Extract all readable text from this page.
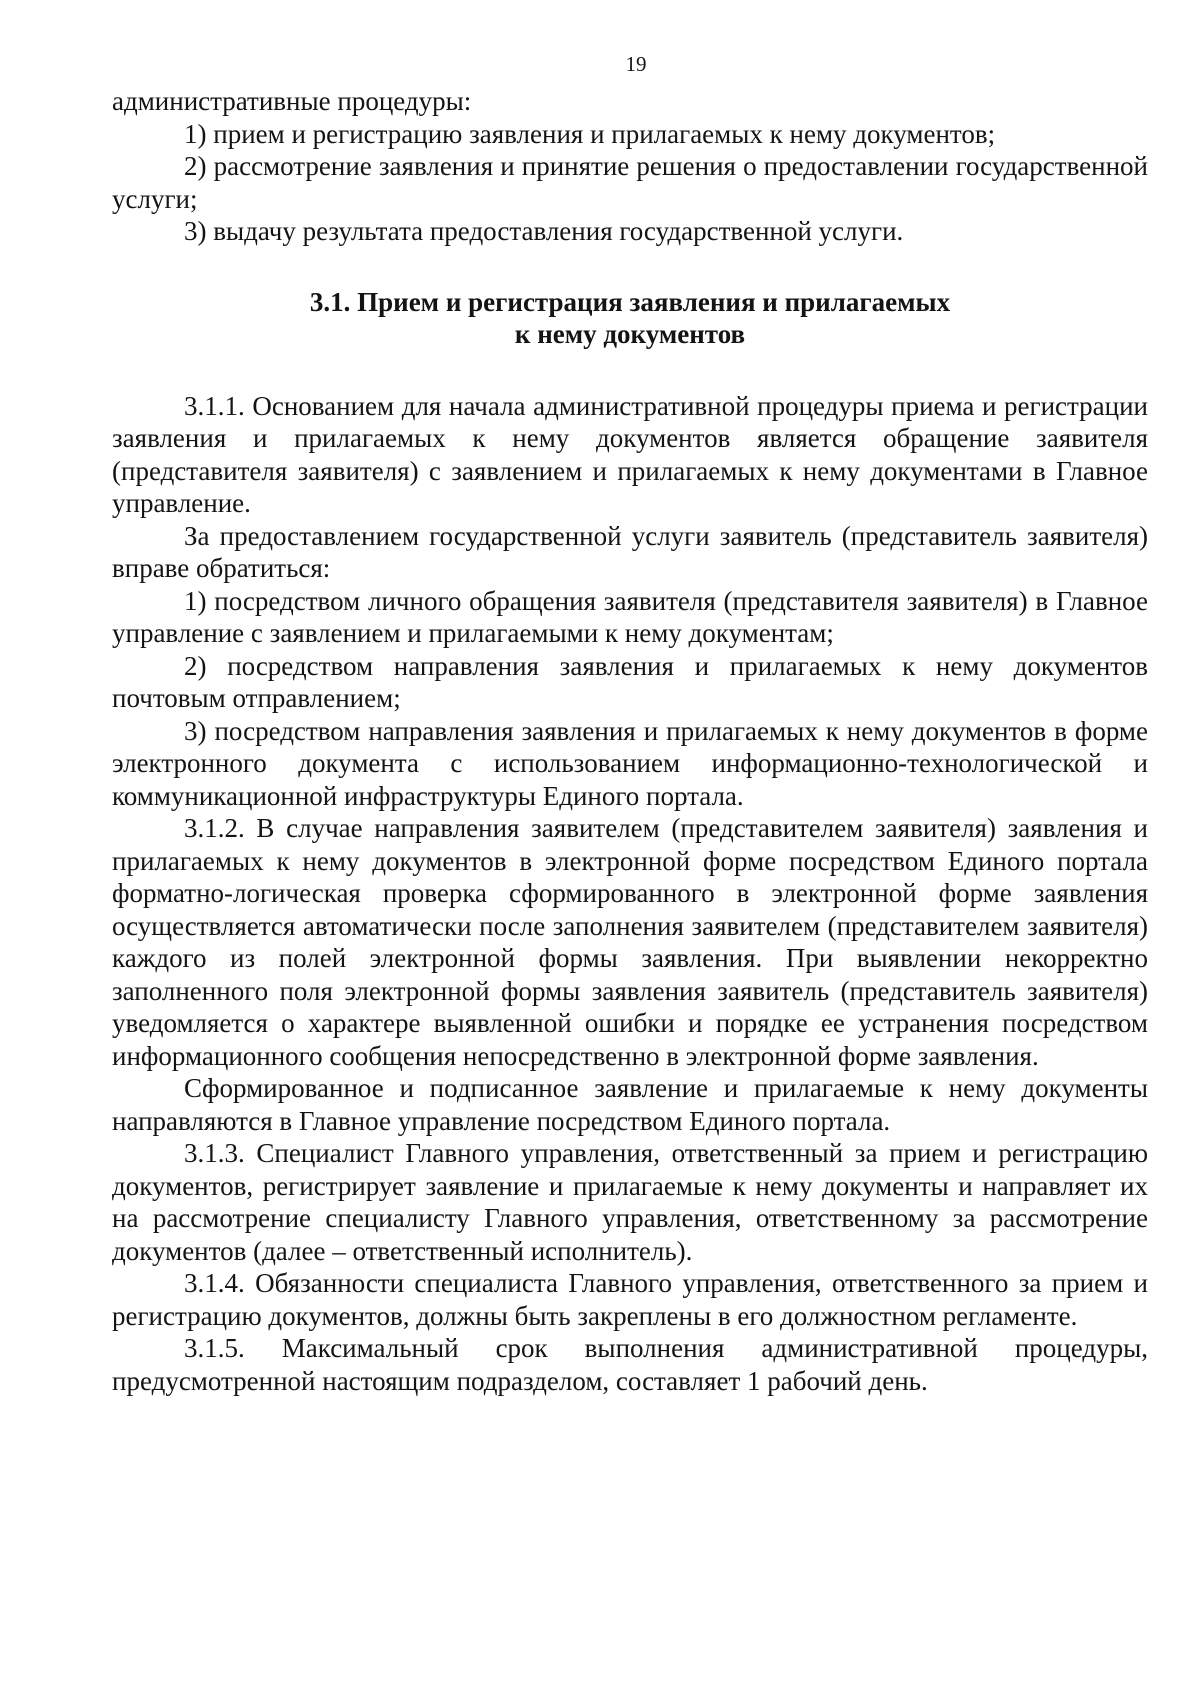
19

административные процедуры:

1) прием и регистрацию заявления и прилагаемых к нему документов;

2) рассмотрение заявления и принятие решения о предоставлении государственной услуги;

3) выдачу результата предоставления государственной услуги.

3.1. Прием и регистрация заявления и прилагаемых
к нему документов

3.1.1. Основанием для начала административной процедуры приема и регистрации заявления и прилагаемых к нему документов является обращение заявителя (представителя заявителя) с заявлением и прилагаемых к нему документами в Главное управление.

За предоставлением государственной услуги заявитель (представитель заявителя) вправе обратиться:

1) посредством личного обращения заявителя (представителя заявителя) в Главное управление с заявлением и прилагаемыми к нему документам;

2) посредством направления заявления и прилагаемых к нему документов почтовым отправлением;

3) посредством направления заявления и прилагаемых к нему документов в форме электронного документа с использованием информационно-технологической и коммуникационной инфраструктуры Единого портала.

3.1.2. В случае направления заявителем (представителем заявителя) заявления и прилагаемых к нему документов в электронной форме посредством Единого портала форматно-логическая проверка сформированного в электронной форме заявления осуществляется автоматически после заполнения заявителем (представителем заявителя) каждого из полей электронной формы заявления. При выявлении некорректно заполненного поля электронной формы заявления заявитель (представитель заявителя) уведомляется о характере выявленной ошибки и порядке ее устранения посредством информационного сообщения непосредственно в электронной форме заявления.

Сформированное и подписанное заявление и прилагаемые к нему документы направляются в Главное управление посредством Единого портала.

3.1.3. Специалист Главного управления, ответственный за прием и регистрацию документов, регистрирует заявление и прилагаемые к нему документы и направляет их на рассмотрение специалисту Главного управления, ответственному за рассмотрение документов (далее – ответственный исполнитель).

3.1.4. Обязанности специалиста Главного управления, ответственного за прием и регистрацию документов, должны быть закреплены в его должностном регламенте.

3.1.5. Максимальный срок выполнения административной процедуры, предусмотренной настоящим подразделом, составляет 1 рабочий день.
